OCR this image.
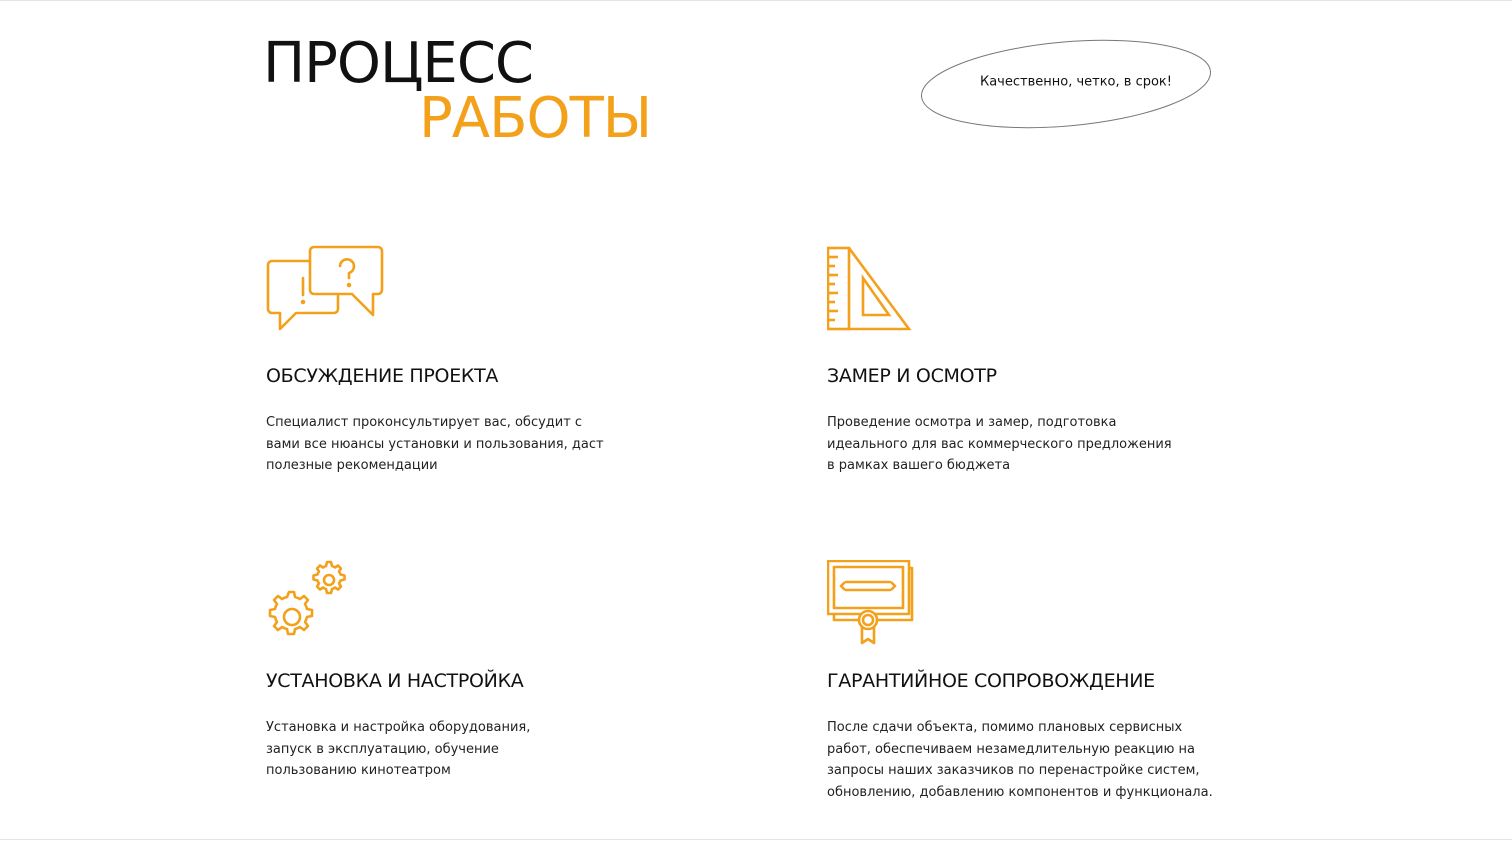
ПРОЦЕСС
РАБОТЫ
Качественно, четко, в срок!
ОБСУЖДЕНИЕ ПРОЕКТА

Специалист проконсультирует вас, обсудит с
вами все нюансы установки и пользования, даст
полезные рекомендации

ЗАМЕР И ОСМОТР

Проведение осмотра и замер, подготовка
идеального для вас коммерческого предложения
в рамках вашего бюджета

УСТАНОВКА И НАСТРОЙКА

Установка и настройка оборудования,
запуск в эксплуатацию, обучение
пользованию кинотеатром

ГАРАНТИЙНОЕ СОПРОВОЖДЕНИЕ

После сдачи объекта, помимо плановых сервисных
работ, обеспечиваем незамедлительную реакцию на
запросы наших заказчиков по перенастройке систем,
обновлению, добавлению компонентов и функционала.
